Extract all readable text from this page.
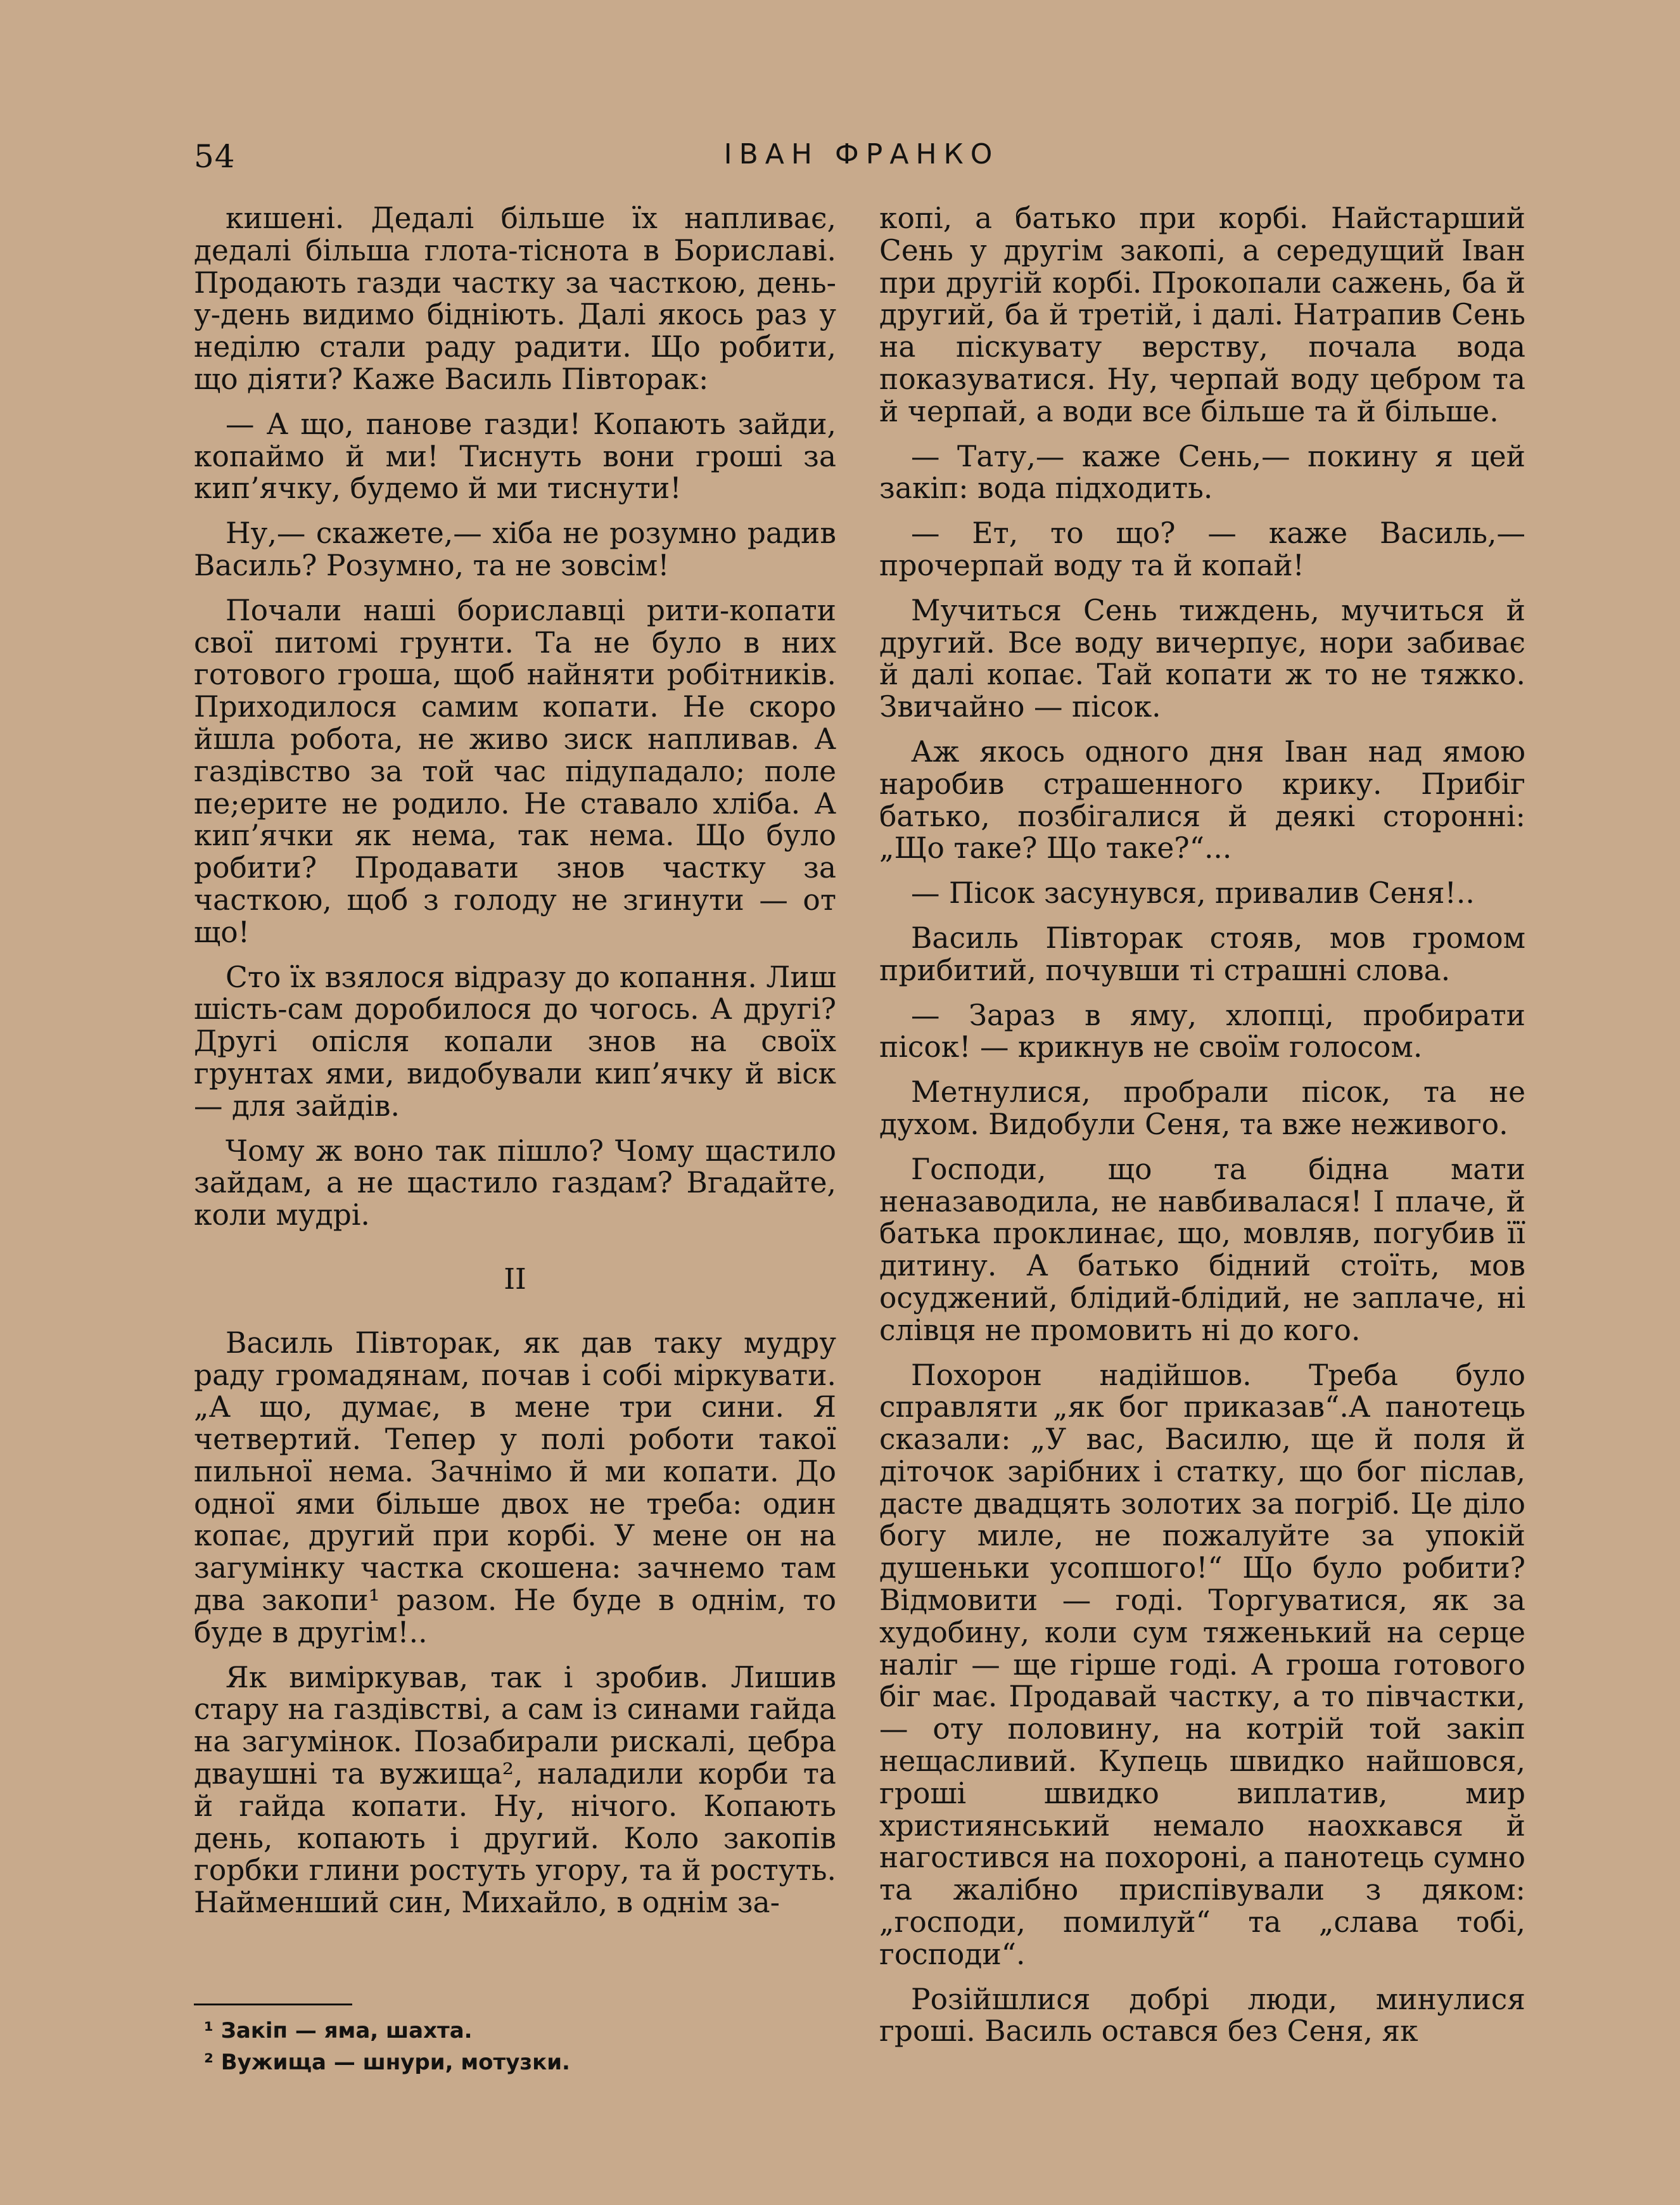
54	ІВАН ФРАНКО

кишені. Дедалі більше їх напливає, дедалі більша глота-тіснота в Бориславі. Продають газди частку за часткою, день-у-день видимо біднiють. Далі якось раз у неділю стали раду радити. Що робити, що діяти? Каже Василь Півторак:

— А що, панове газди! Копають зайди, копаймо й ми! Тиснуть вони гроші за кип’ячку, будемо й ми тиснути!

Ну,— скажете,— хіба не розумно радив Василь? Розумно, та не зовсім!

Почали наші бориславці рити-копати свої питомі грунти. Та не було в них готового гроша, щоб найняти робітників. Приходилося самим копати. Не скоро йшла робота, не живо зиск напливав. А газдівство за той час підупадало; поле пе;ерите не родило. Не ставало хліба. А кип’ячки як нема, так нема. Що було робити? Продавати знов частку за часткою, щоб з голоду не згинути — от що!

Сто їх взялося відразу до копання. Лиш шість-сам доробилося до чогось. А другі? Другі опісля копали знов на своїх грунтах ями, видобували кип’ячку й віск — для зайдів.

Чому ж воно так пішло? Чому щастило зайдам, а не щастило газдам? Вгадайте, коли мудрі.

II

Василь Півторак, як дав таку мудру раду громадянам, почав і собі міркувати. „А що, думає, в мене три сини. Я четвертий. Тепер у полі роботи такої пильної нема. Зачнімо й ми копати. До одної ями більше двох не треба: один копає, другий при корбі. У мене он на загумінку частка скошена: зачнемо там два закопи¹ разом. Не буде в однім, то буде в другім!..

Як виміркував, так і зробив. Лишив стару на газдівстві, а сам із синами гайда на загумінок. Позабирали рискалі, цебра дваушні та вужища², наладили корби та й гайда копати. Ну, нічого. Копають день, копають і другий. Коло закопів горбки глини ростуть угору, та й ростуть. Найменший син, Михайло, в однім за-

копі, а батько при корбі. Найстарший Сень у другім закопі, а середущий Іван при другій корбі. Прокопали сажень, ба й другий, ба й третій, і далі. Натрапив Сень на піскувату верству, почала вода показуватися. Ну, черпай воду цебром та й черпай, а води все більше та й більше.

— Тату,— каже Сень,— покину я цей закіп: вода підходить.

— Ет, то що? — каже Василь,— прочерпай воду та й копай!

Мучиться Сень тиждень, мучиться й другий. Все воду вичерпує, нори забиває й далі копає. Тай копати ж то не тяжко. Звичайно — пісок.

Аж якось одного дня Іван над ямою наробив страшенного крику. Прибіг батько, позбігалися й деякі сторонні: „Що таке? Що таке?“...

— Пісок засунувся, привалив Сеня!..

Василь Півторак стояв, мов громом прибитий, почувши ті страшні слова.

— Зараз в яму, хлопці, пробирати пісок! — крикнув не своїм голосом.

Метнулися, пробрали пісок, та не духом. Видобули Сеня, та вже неживого.

Господи, що та бідна мати неназаводила, не навбивалася! І плаче, й батька проклинає, що, мовляв, погубив її дитину. А батько бідний стоїть, мов осуджений, блідий-блідий, не заплаче, ні слівця не промовить ні до кого.

Похорон надійшов. Треба було справляти „як бог приказав“.А панотець сказали: „У вас, Василю, ще й поля й діточок зарібних і статку, що бог післав, дасте двадцять золотих за погріб. Це діло богу миле, не пожалуйте за упокій душеньки усопшого!“ Що було робити? Відмовити — годі. Торгуватися, як за худобину, коли сум тяженький на серце наліг — ще гірше годі. А гроша готового біг має. Продавай частку, а то півчастки,— оту половину, на котрій той закіп нещасливий. Купець швидко найшовся, гроші швидко виплатив, мир християнський немало наохкався й нагостився на похороні, а панотець сумно та жалібно приспівували з дяком: „господи, помилуй“ та „слава тобі, господи“.

Розійшлися добрі люди, минулися гроші. Василь остався без Сеня, як

¹ Закіп — яма, шахта.

² Вужища — шнури, мотузки.
